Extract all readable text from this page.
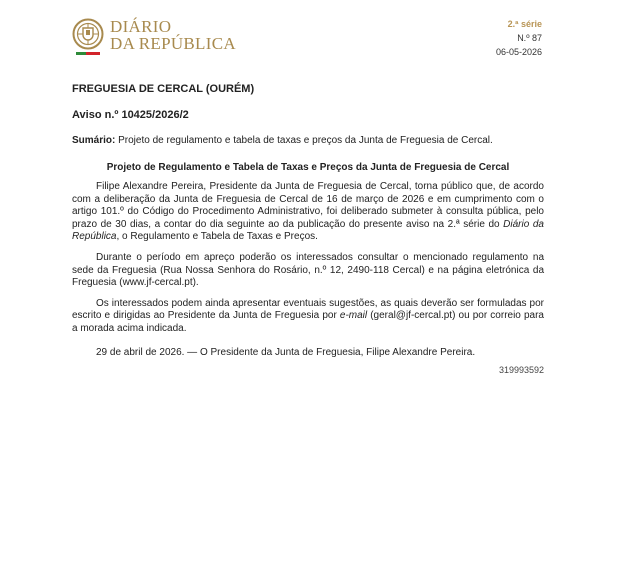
DIÁRIO
DA REPÚBLICA
2.ª série
N.º 87
06-05-2026
FREGUESIA DE CERCAL (OURÉM)
Aviso n.º 10425/2026/2
Sumário: Projeto de regulamento e tabela de taxas e preços da Junta de Freguesia de Cercal.
Projeto de Regulamento e Tabela de Taxas e Preços da Junta de Freguesia de Cercal

Filipe Alexandre Pereira, Presidente da Junta de Freguesia de Cercal, torna público que, de acordo com a deliberação da Junta de Freguesia de Cercal de 16 de março de 2026 e em cumprimento com o artigo 101.º do Código do Procedimento Administrativo, foi deliberado submeter à consulta pública, pelo prazo de 30 dias, a contar do dia seguinte ao da publicação do presente aviso na 2.ª série do Diário da República, o Regulamento e Tabela de Taxas e Preços.

Durante o período em apreço poderão os interessados consultar o mencionado regulamento na sede da Freguesia (Rua Nossa Senhora do Rosário, n.º 12, 2490-118 Cercal) e na página eletrónica da Freguesia (www.jf-cercal.pt).

Os interessados podem ainda apresentar eventuais sugestões, as quais deverão ser formuladas por escrito e dirigidas ao Presidente da Junta de Freguesia por e-mail (geral@jf-cercal.pt) ou por correio para a morada acima indicada.

29 de abril de 2026. — O Presidente da Junta de Freguesia, Filipe Alexandre Pereira.
319993592
